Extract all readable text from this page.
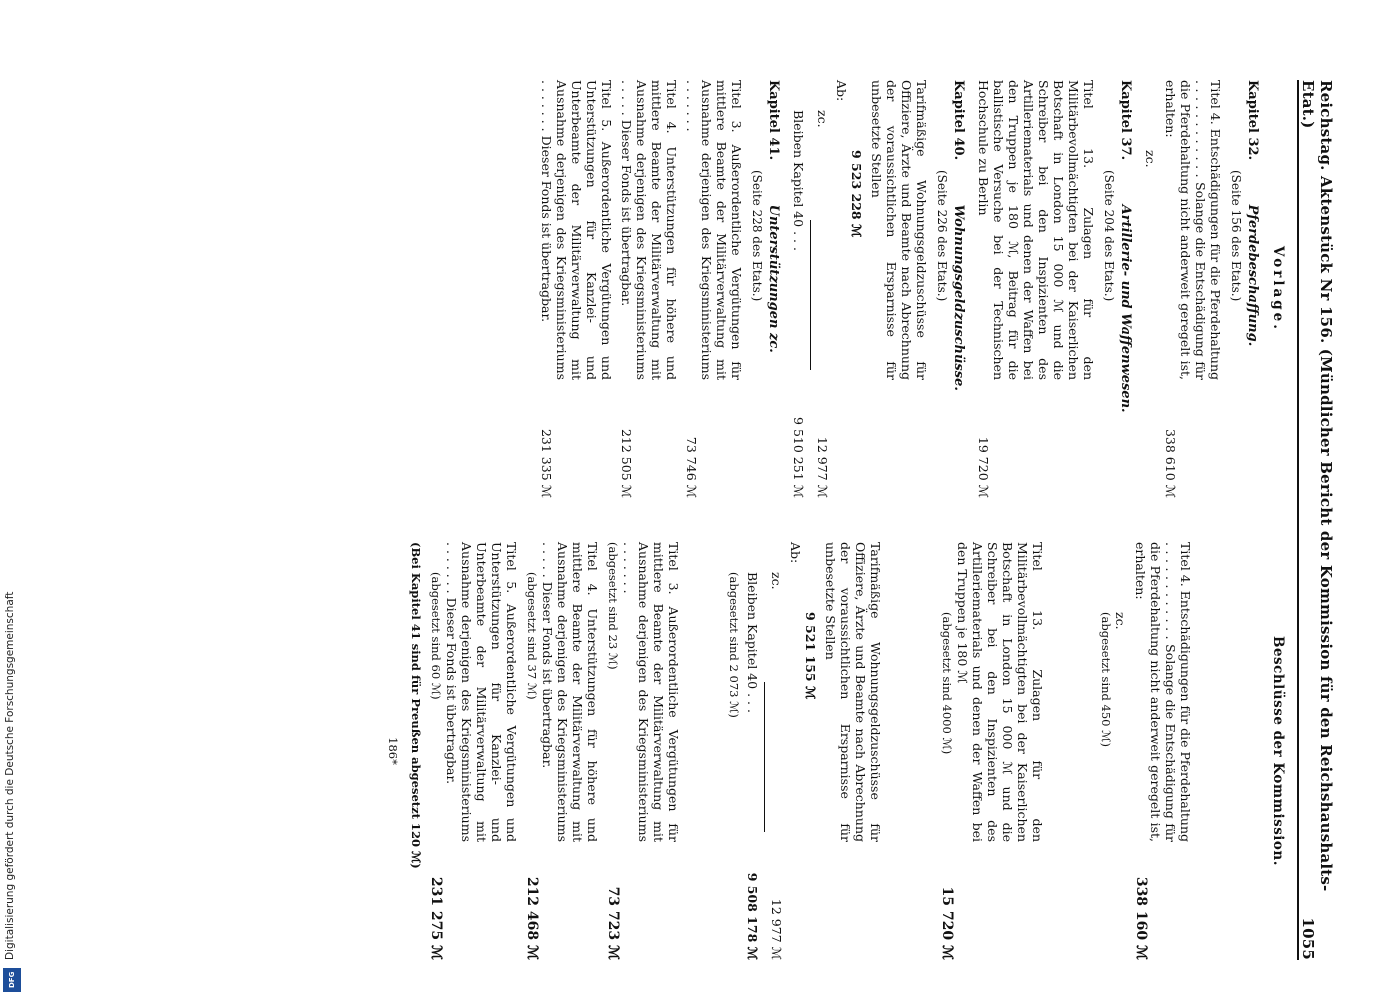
Digitalisierung gefördert durch die Deutsche Forschungsgemeinschaft
DFG
Reichstag. Aktenstück Nr 156. (Mündlicher Bericht der Kommission für den Reichshaushalts-Etat.)
1055
Vorlage.
Kapitel 32. Pferdebeschaffung.
(Seite 156 des Etats.)
Titel 4. Entschädigungen für die Pferdehaltung . . . . . . . . . . . . Solange die Entschädigung für die Pferdehaltung nicht anderweit geregelt ist, erhalten:
338 610 ℳ
zc.
Kapitel 37. Artillerie- und Waffenwesen.
(Seite 204 des Etats.)
Titel 13. Zulagen für den Militärbevollmächtigten bei der Kaiserlichen Botschaft in London 15 000 ℳ und die Schreiber bei den Inspizienten des Artilleriematerials und denen der Waffen bei den Truppen je 180 ℳ, Beitrag für die ballistische Versuche bei der Technischen Hochschule zu Berlin
19 720 ℳ
Kapitel 40. Wohnungsgeldzuschüsse.
(Seite 226 des Etats.)
Tarifmäßige Wohnungsgeldzuschüsse für Offiziere, Ärzte und Beamte nach Abrechnung der voraussichtlichen Ersparnisse für unbesetzte Stellen
9 523 228 ℳ
Ab:
zc.
12 977 ℳ
Bleiben Kapitel 40 . . .
9 510 251 ℳ
Kapitel 41. Unterstützungen zc.
(Seite 228 des Etats.)
Titel 3. Außerordentliche Vergütungen für mittlere Beamte der Militärverwaltung mit Ausnahme derjenigen des Kriegsministeriums . . . . . . .
73 746 ℳ
Titel 4. Unterstützungen für höhere und mittlere Beamte der Militärverwaltung mit Ausnahme derjenigen des Kriegsministeriums . . . . . Dieser Fonds ist übertragbar.
212 505 ℳ
Titel 5. Außerordentliche Vergütungen und Unterstützungen für Kanzlei- und Unterbeamte der Militärverwaltung mit Ausnahme derjenigen des Kriegsministeriums . . . . . . . Dieser Fonds ist übertragbar.
231 335 ℳ
Beschlüsse der Kommission.
Titel 4. Entschädigungen für die Pferdehaltung . . . . . . . . . . . . Solange die Entschädigung für die Pferdehaltung nicht anderweit geregelt ist, erhalten:
338 160 ℳ
zc.
(abgesetzt sind 450 ℳ)
Titel 13. Zulagen für den Militärbevollmächtigten bei der Kaiserlichen Botschaft in London 15 000 ℳ und die Schreiber bei den Inspizienten des Artilleriematerials und denen der Waffen bei den Truppen je 180 ℳ
(abgesetzt sind 4000 ℳ)
15 720 ℳ
Tarifmäßige Wohnungsgeldzuschüsse für Offiziere, Ärzte und Beamte nach Abrechnung der voraussichtlichen Ersparnisse für unbesetzte Stellen
9 521 155 ℳ
Ab:
zc.
12 977 ℳ
Bleiben Kapitel 40 . . .
9 508 178 ℳ
(abgesetzt sind 2 073 ℳ)
Titel 3. Außerordentliche Vergütungen für mittlere Beamte der Militärverwaltung mit Ausnahme derjenigen des Kriegsministeriums . . . . . . .
(abgesetzt sind 23 ℳ)
73 723 ℳ
Titel 4. Unterstützungen für höhere und mittlere Beamte der Militärverwaltung mit Ausnahme derjenigen des Kriegsministeriums . . . . . Dieser Fonds ist übertragbar.
(abgesetzt sind 37 ℳ)
212 468 ℳ
Titel 5. Außerordentliche Vergütungen und Unterstützungen für Kanzlei- und Unterbeamte der Militärverwaltung mit Ausnahme derjenigen des Kriegsministeriums . . . . . . . Dieser Fonds ist übertragbar.
(abgesetzt sind 60 ℳ)
231 275 ℳ
(Bei Kapitel 41 sind für Preußen abgesetzt 120 ℳ)
186*
